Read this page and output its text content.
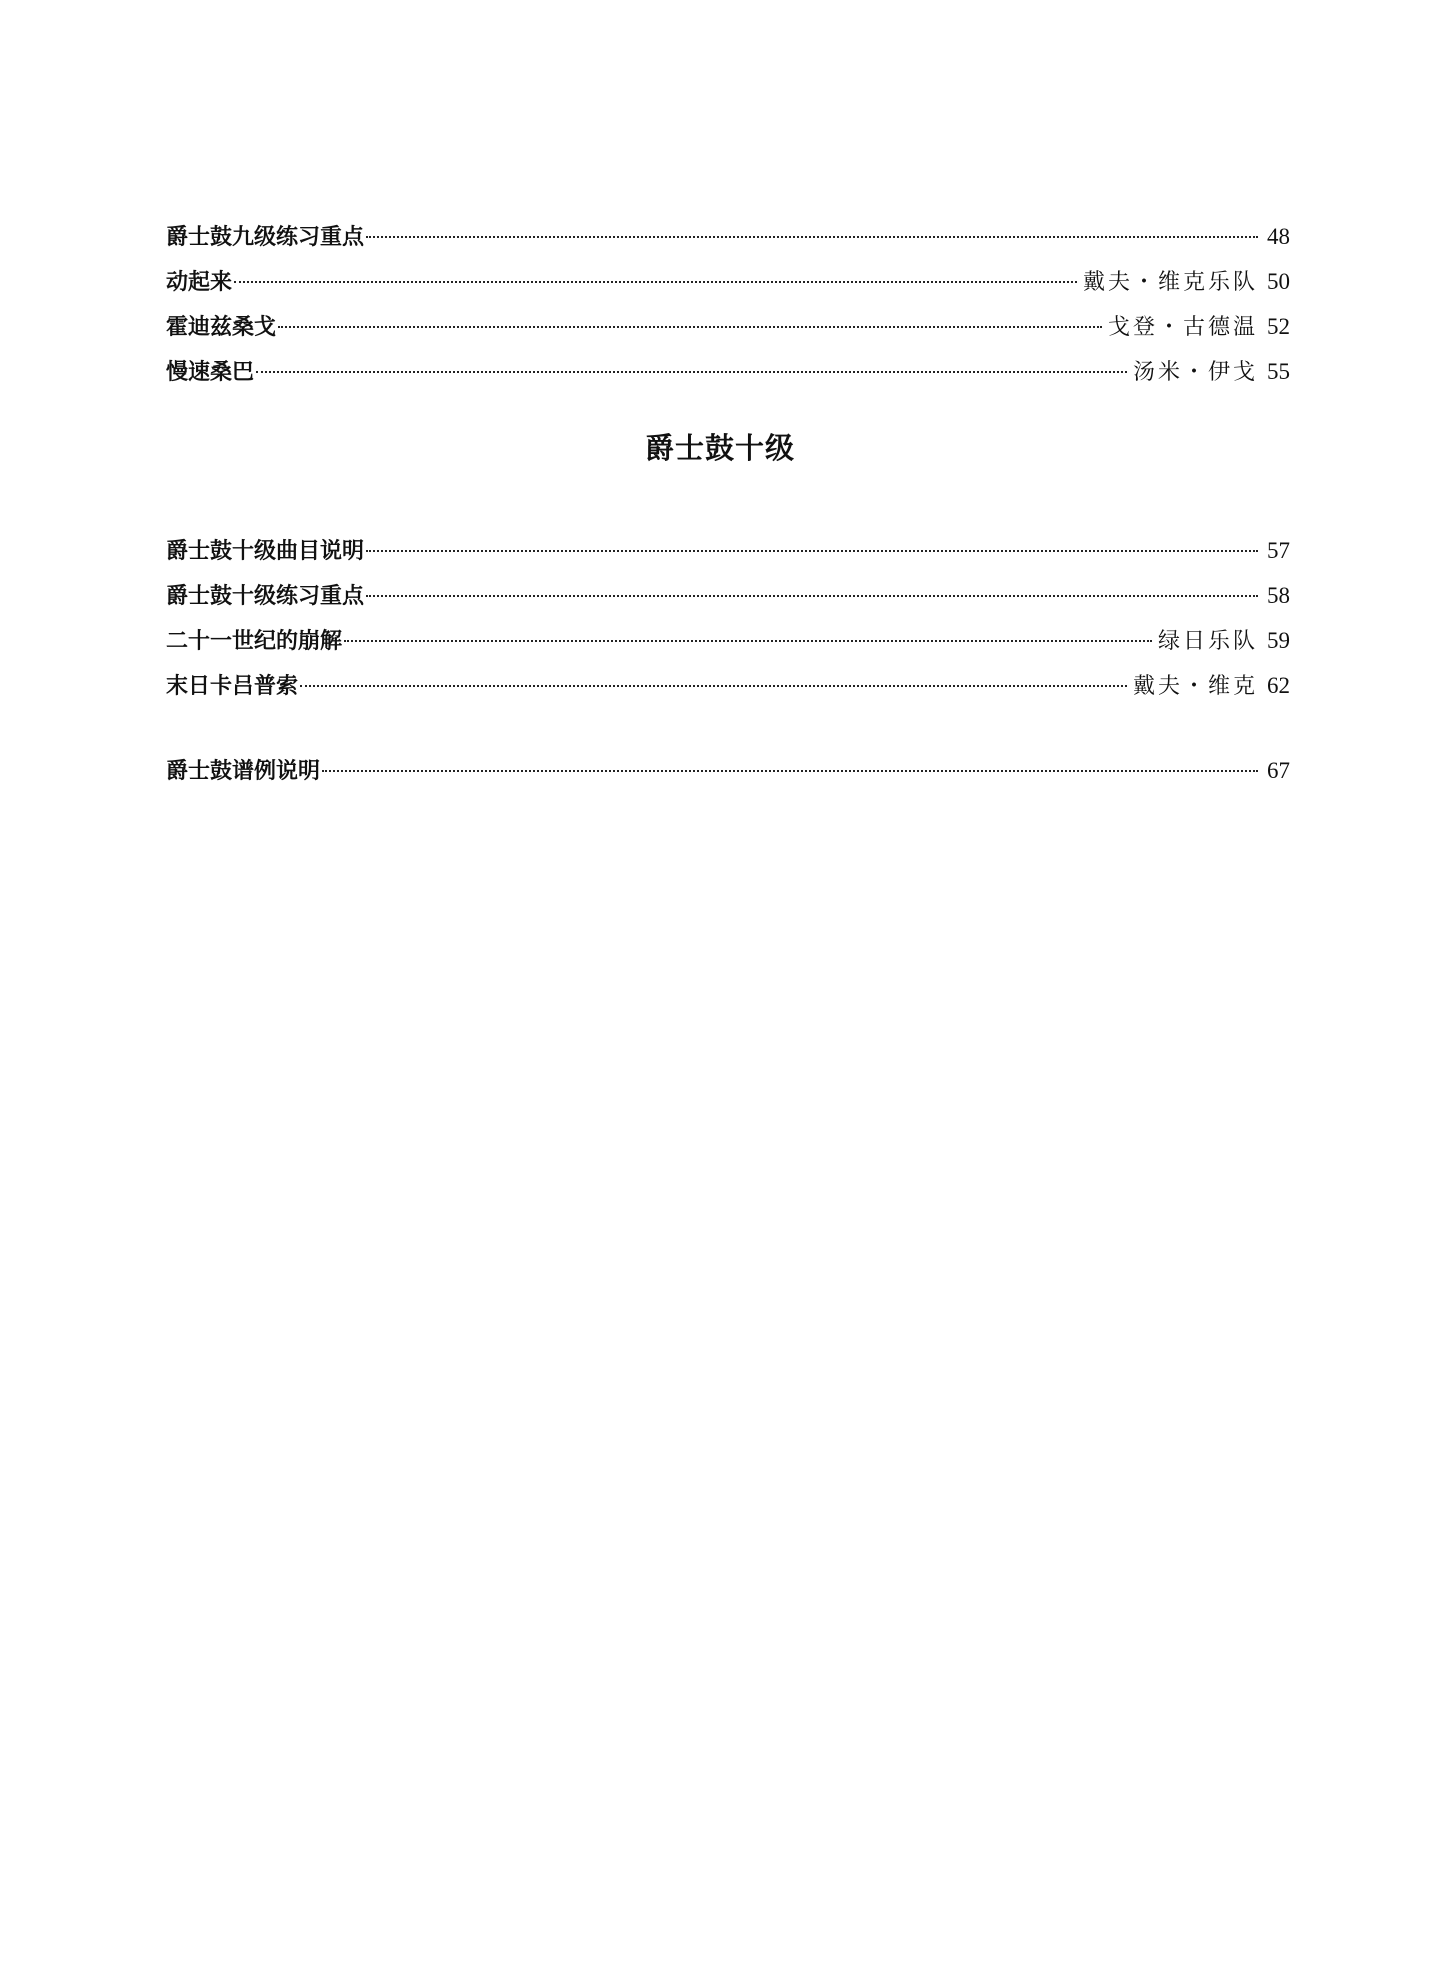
爵士鼓九级练习重点	48
动起来	戴夫・维克乐队 50
霍迪兹桑戈	戈登・古德温 52
慢速桑巴	汤米・伊戈 55
爵士鼓十级
爵士鼓十级曲目说明	57
爵士鼓十级练习重点	58
二十一世纪的崩解	绿日乐队 59
末日卡吕普索	戴夫・维克 62
爵士鼓谱例说明	67
